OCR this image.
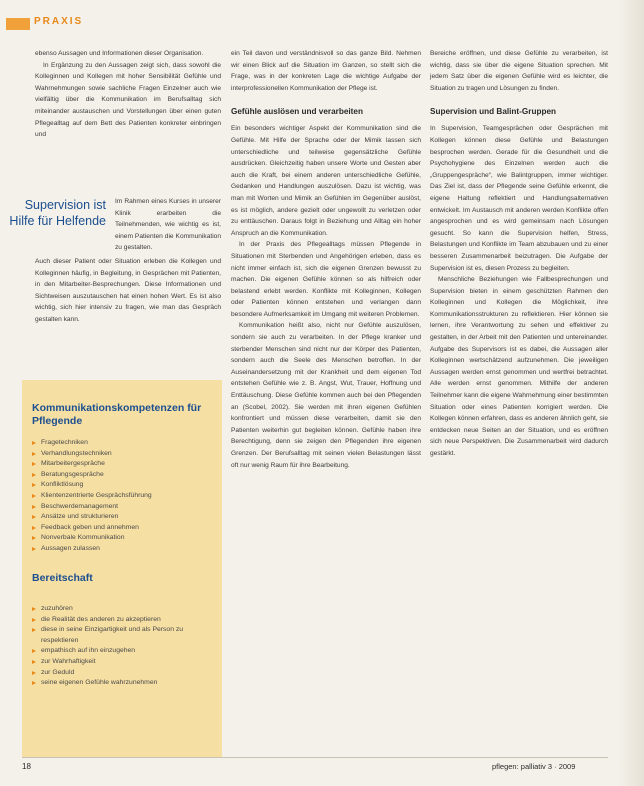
PRAXIS

ebenso Aussagen und Informationen dieser Organisation.

In Ergänzung zu den Aussagen zeigt sich, dass sowohl die Kolleginnen und Kollegen mit hoher Sensibilität Gefühle und Wahrnehmungen sowie sachliche Fragen Einzelner auch wie vielfältig über die Kommunikation im Berufsalltag sich miteinander austauschen und Vorstellungen über einen guten Pflegealltag auf dem Bett des Patienten konkreter einbringen und

Supervision ist Hilfe für Helfende
Im Rahmen eines Kurses in unserer Klinik erarbeiten die Teilnehmenden, wie wichtig es ist, einem Patienten die Kommunikation zu gestalten.

Auch dieser Patient oder Situation erleben die Kollegen und Kolleginnen häufig, in Begleitung, in Gesprächen mit Patienten, in den Mitarbeiter-Besprechungen. Diese Informationen und Sichtweisen auszutauschen hat einen hohen Wert. Es ist also wichtig, sich hier intensiv zu fragen, wie man das Gespräch gestalten kann.

Kommunikationskompetenzen für Pflegende
Fragetechniken
Verhandlungstechniken
Mitarbeitergespräche
Beratungsgespräche
Konfliktlösung
Klientenzentrierte Gesprächsführung
Beschwerdemanagement
Ansätze und strukturieren
Feedback geben und annehmen
Nonverbale Kommunikation
Aussagen zulassen
Bereitschaft
zuzuhören
die Realität des anderen zu akzeptieren
diese in seine Einzigartigkeit und als Person zu respektieren
empathisch auf ihn einzugehen
zur Wahrhaftigkeit
zur Geduld
seine eigenen Gefühle wahrzunehmen

ein Teil davon und verständnisvoll so das ganze Bild. Nehmen wir einen Blick auf die Situation im Ganzen, so stellt sich die Frage, was in der konkreten Lage die wichtige Aufgabe der interprofessionellen Kommunikation der Pflege ist.

Gefühle auslösen und verarbeiten

Ein besonders wichtiger Aspekt der Kommunikation sind die Gefühle. Mit Hilfe der Sprache oder der Mimik lassen sich unterschiedliche und teilweise gegensätzliche Gefühle ausdrücken. Gleichzeitig haben unsere Worte und Gesten aber auch die Kraft, bei einem anderen unterschiedliche Gefühle, Gedanken und Handlungen auszulösen. Dazu ist wichtig, was man mit Worten und Mimik an Gefühlen im Gegenüber auslöst, es ist möglich, andere gezielt oder ungewollt zu verletzen oder zu enttäuschen. Daraus folgt in Beziehung und Alltag ein hoher Anspruch an die Kommunikation.

In der Praxis des Pflegealltags müssen Pflegende in Situationen mit Sterbenden und Angehörigen erleben, dass es nicht immer einfach ist, sich die eigenen Grenzen bewusst zu machen. Die eigenen Gefühle können so als hilfreich oder belastend erlebt werden. Konflikte mit Kolleginnen, Kollegen oder Patienten können entstehen und verlangen dann besondere Aufmerksamkeit im Umgang mit weiteren Problemen.

Kommunikation heißt also, nicht nur Gefühle auszulösen, sondern sie auch zu verarbeiten. In der Pflege kranker und sterbender Menschen sind nicht nur der Körper des Patienten, sondern auch die Seele des Menschen betroffen. In der Auseinandersetzung mit der Krankheit und dem eigenen Tod entstehen Gefühle wie z. B. Angst, Wut, Trauer, Hoffnung und Enttäuschung. Diese Gefühle kommen auch bei den Pflegenden an (Scobel, 2002). Sie werden mit ihren eigenen Gefühlen konfrontiert und müssen diese verarbeiten, damit sie den Patienten weiterhin gut begleiten können. Gefühle haben ihre Berechtigung, denn sie zeigen den Pflegenden ihre eigenen Grenzen. Der Berufsalltag mit seinen vielen Belastungen lässt oft nur wenig Raum für ihre Bearbeitung.

Bereiche eröffnen, und diese Gefühle zu verarbeiten, ist wichtig, dass sie über die eigene Situation sprechen. Mit jedem Satz über die eigenen Gefühle wird es leichter, die Situation zu tragen und Lösungen zu finden.

Supervision und Balint-Gruppen

In Supervision, Teamgesprächen oder Gesprächen mit Kollegen können diese Gefühle und Belastungen besprochen werden. Gerade für die Gesundheit und die Psychohygiene des Einzelnen werden auch die „Gruppengespräche“, wie Balintgruppen, immer wichtiger. Das Ziel ist, dass der Pflegende seine Gefühle erkennt, die eigene Haltung reflektiert und Handlungsalternativen entwickelt. Im Austausch mit anderen werden Konflikte offen angesprochen und es wird gemeinsam nach Lösungen gesucht. So kann die Supervision helfen, Stress, Belastungen und Konflikte im Team abzubauen und zu einer besseren Zusammenarbeit beizutragen. Die Aufgabe der Supervision ist es, diesen Prozess zu begleiten.

Menschliche Beziehungen wie Fallbesprechungen und Supervision bieten in einem geschützten Rahmen den Kolleginnen und Kollegen die Möglichkeit, ihre Kommunikationsstrukturen zu reflektieren. Hier können sie lernen, ihre Verantwortung zu sehen und effektiver zu gestalten, in der Arbeit mit den Patienten und untereinander. Aufgabe des Supervisors ist es dabei, die Aussagen aller Kolleginnen wertschätzend aufzunehmen. Die jeweiligen Aussagen werden ernst genommen und wertfrei betrachtet. Alle werden ernst genommen. Mithilfe der anderen Teilnehmer kann die eigene Wahrnehmung einer bestimmten Situation oder eines Patienten korrigiert werden. Die Kollegen können erfahren, dass es anderen ähnlich geht, sie entdecken neue Seiten an der Situation, und es eröffnen sich neue Perspektiven. Die Zusammenarbeit wird dadurch gestärkt.

18	pflegen: palliativ 3 · 2009
